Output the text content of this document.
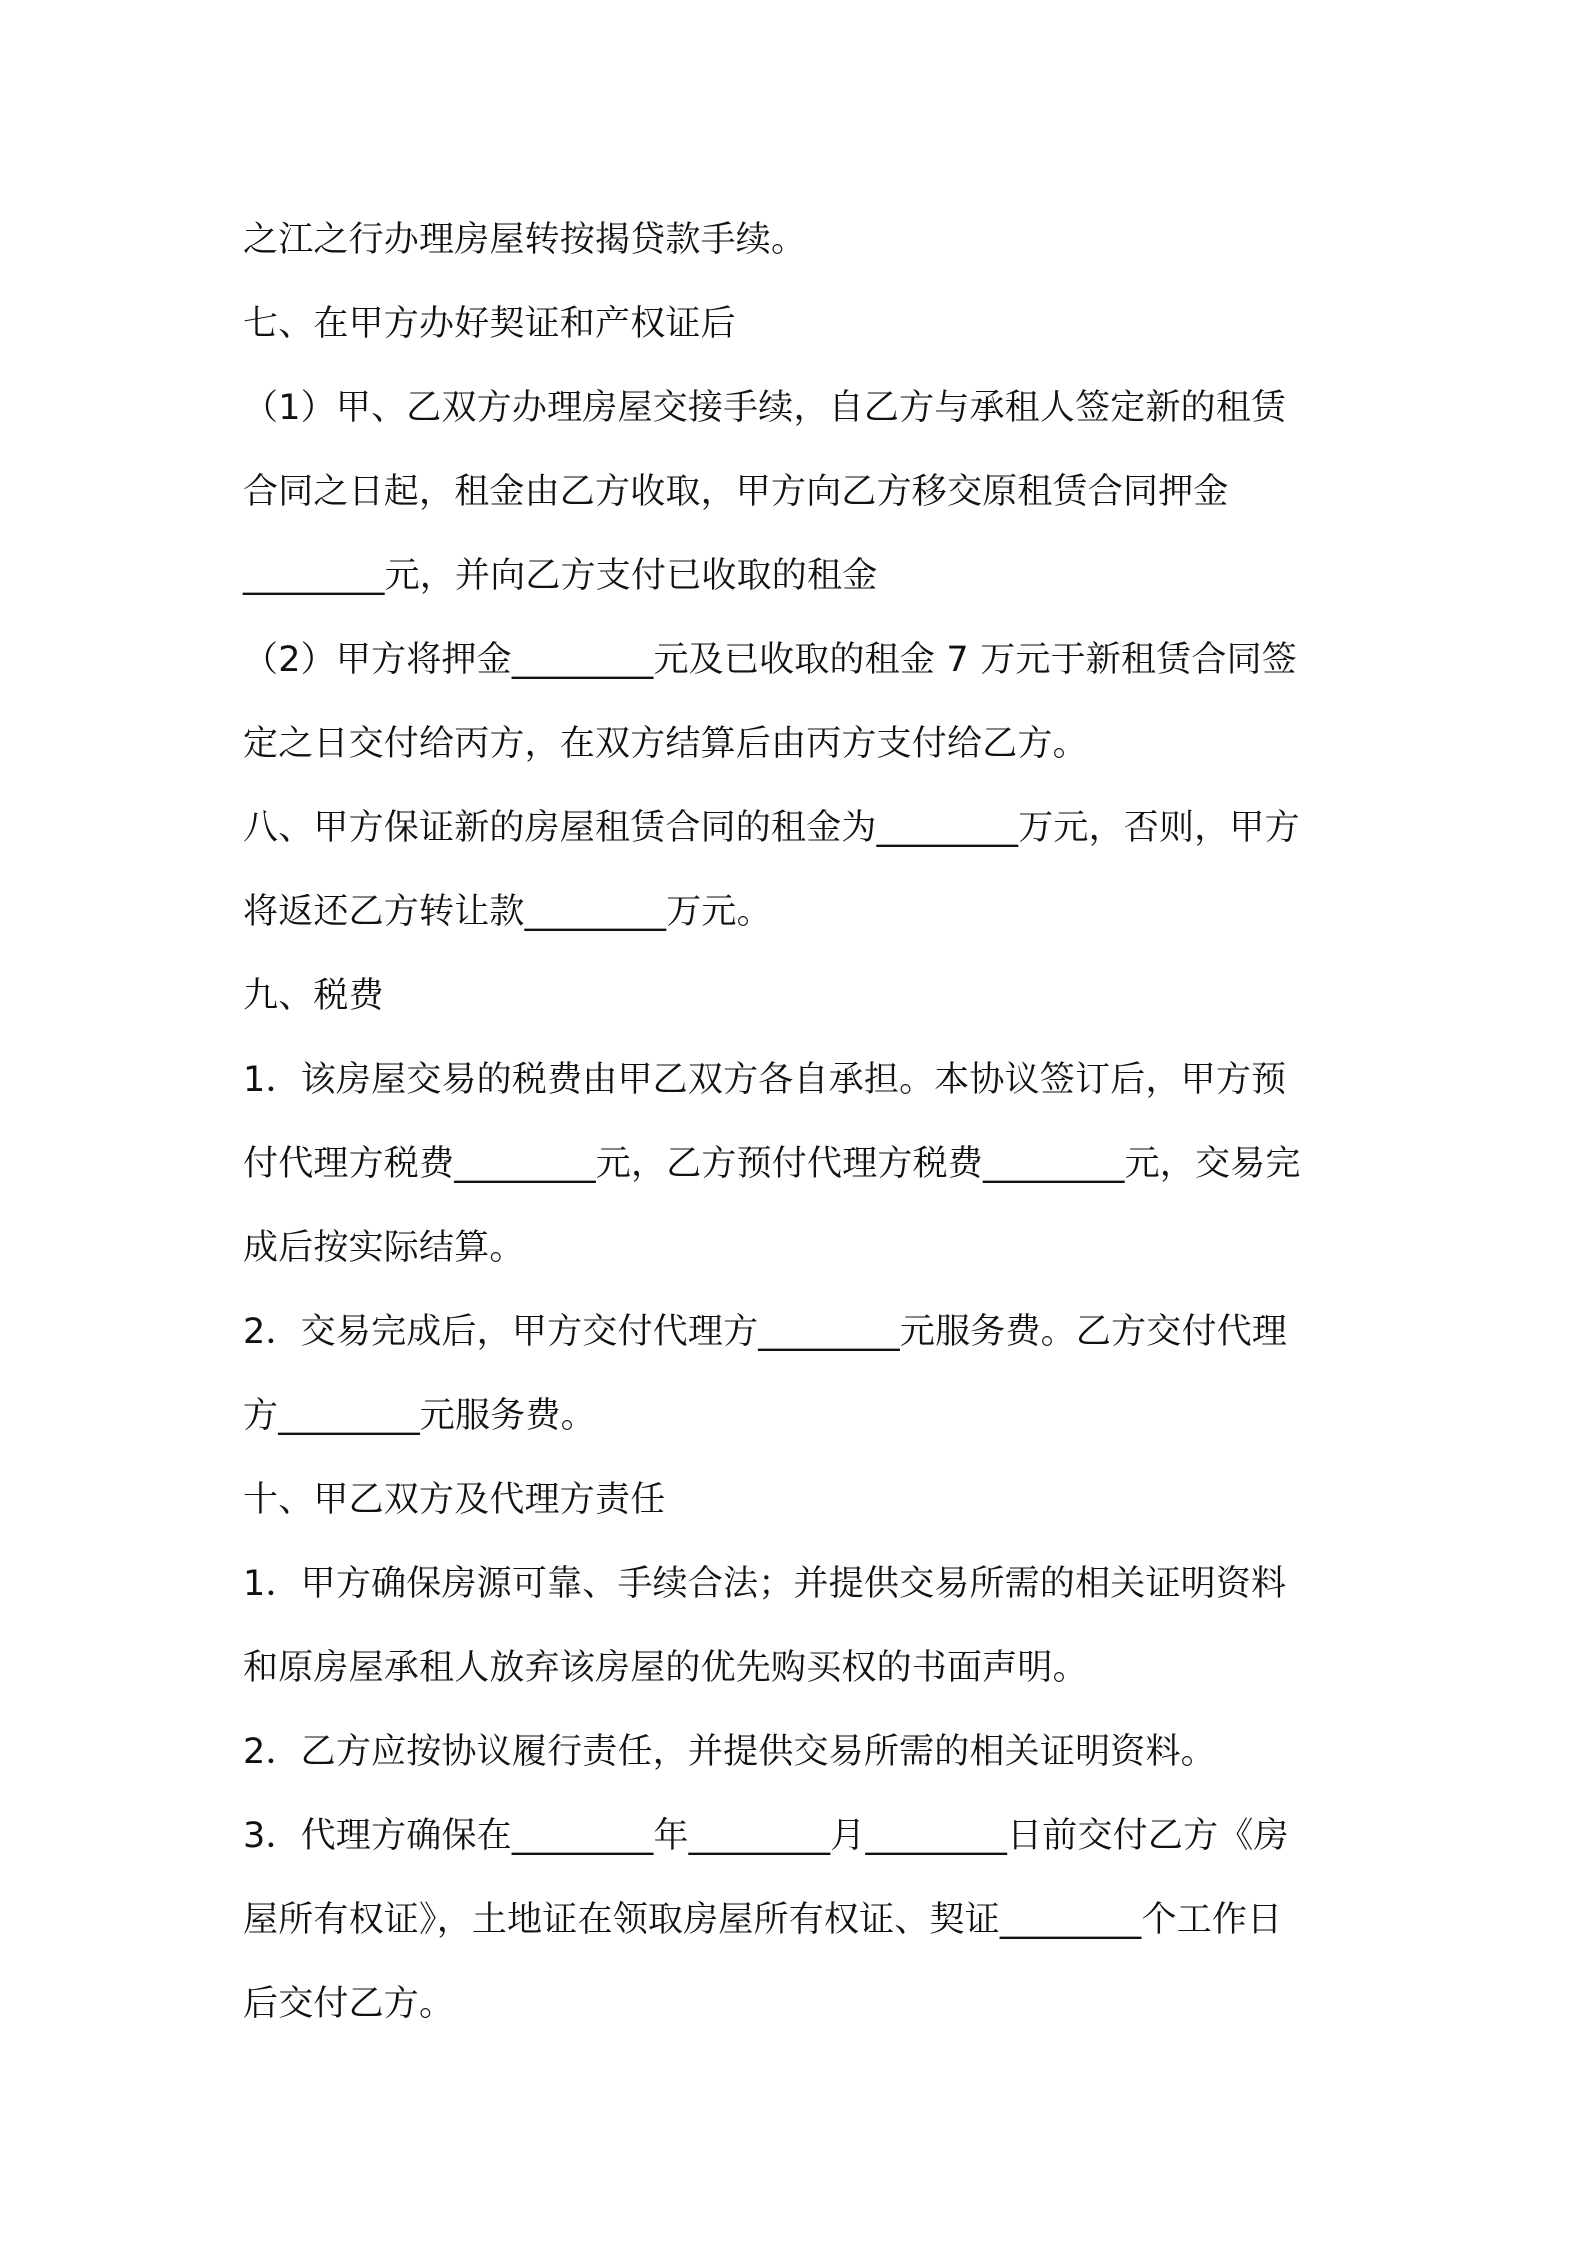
之江之行办理房屋转按揭贷款手续。
七、在甲方办好契证和产权证后
（1）甲、乙双方办理房屋交接手续，自乙方与承租人签定新的租赁
合同之日起，租金由乙方收取，甲方向乙方移交原租赁合同押金
________元，并向乙方支付已收取的租金
（2）甲方将押金________元及已收取的租金 7 万元于新租赁合同签
定之日交付给丙方，在双方结算后由丙方支付给乙方。
八、甲方保证新的房屋租赁合同的租金为________万元，否则，甲方
将返还乙方转让款________万元。
九、税费
1．该房屋交易的税费由甲乙双方各自承担。本协议签订后，甲方预
付代理方税费________元，乙方预付代理方税费________元，交易完
成后按实际结算。
2．交易完成后，甲方交付代理方________元服务费。乙方交付代理
方________元服务费。
十、甲乙双方及代理方责任
1．甲方确保房源可靠、手续合法；并提供交易所需的相关证明资料
和原房屋承租人放弃该房屋的优先购买权的书面声明。
2．乙方应按协议履行责任，并提供交易所需的相关证明资料。
3．代理方确保在________年________月________日前交付乙方《房
屋所有权证》，土地证在领取房屋所有权证、契证________个工作日
后交付乙方。
